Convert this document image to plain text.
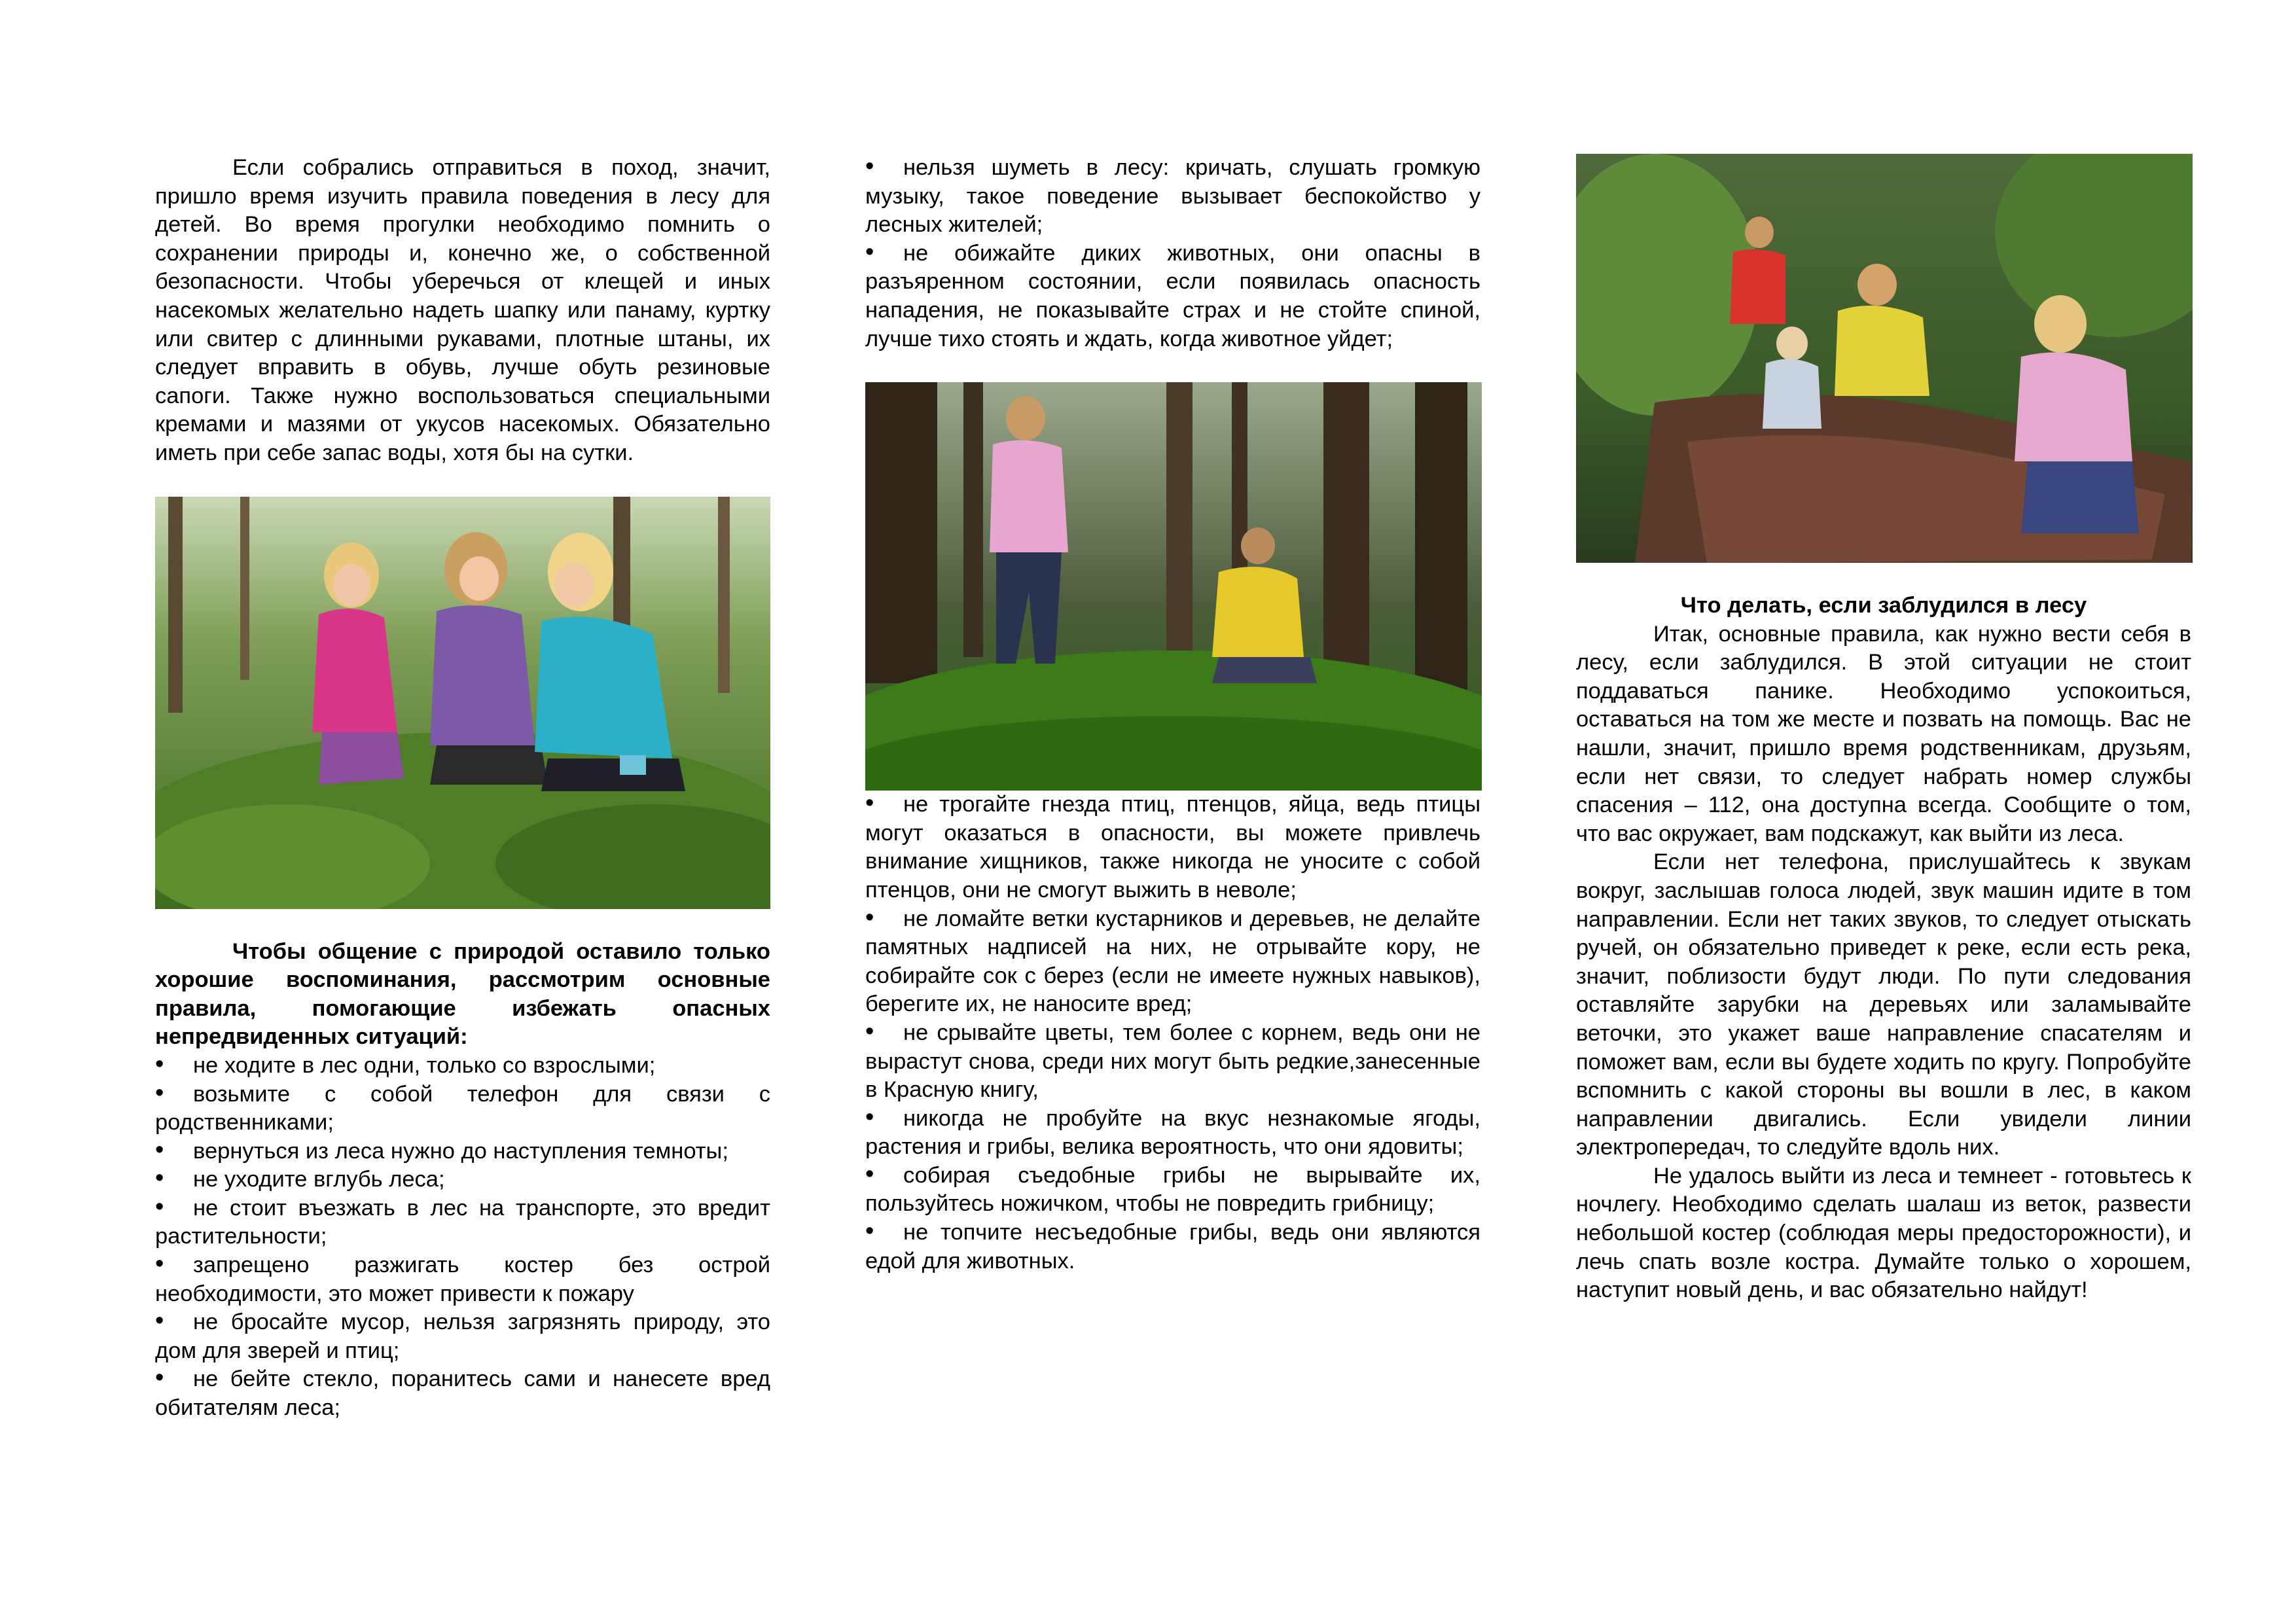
Если собрались отправиться в поход, значит, пришло время изучить правила поведения в лесу для детей. Во время прогулки необходимо помнить о сохранении природы и, конечно же, о собственной безопасности. Чтобы уберечься от клещей и иных насекомых желательно надеть шапку или панаму, куртку или свитер с длинными рукавами, плотные штаны, их следует вправить в обувь, лучше обуть резиновые сапоги. Также нужно воспользоваться специальными кремами и мазями от укусов насекомых. Обязательно иметь при себе запас воды, хотя бы на сутки.

Чтобы общение с природой оставило только хорошие воспоминания, рассмотрим основные правила, помогающие избежать опасных непредвиденных ситуаций:

• не ходите в лес одни, только со взрослыми;
• возьмите с собой телефон для связи с родственниками;
• вернуться из леса нужно до наступления темноты;
• не уходите вглубь леса;
• не стоит въезжать в лес на транспорте, это вредит растительности;
• запрещено разжигать костер без острой необходимости, это может привести к пожару
• не бросайте мусор, нельзя загрязнять природу, это дом для зверей и птиц;
• не бейте стекло, поранитесь сами и нанесете вред обитателям леса;
• нельзя шуметь в лесу: кричать, слушать громкую музыку, такое поведение вызывает беспокойство у лесных жителей;
• не обижайте диких животных, они опасны в разъяренном состоянии, если появилась опасность нападения, не показывайте страх и не стойте спиной, лучше тихо стоять и ждать, когда животное уйдет;
• не трогайте гнезда птиц, птенцов, яйца, ведь птицы могут оказаться в опасности, вы можете привлечь внимание хищников, также никогда не уносите с собой птенцов, они не смогут выжить в неволе;
• не ломайте ветки кустарников и деревьев, не делайте памятных надписей на них, не отрывайте кору, не собирайте сок с берез (если не имеете нужных навыков), берегите их, не наносите вред;
• не срывайте цветы, тем более с корнем, ведь они не вырастут снова, среди них могут быть редкие,занесенные в Красную книгу,
• никогда не пробуйте на вкус незнакомые ягоды, растения и грибы, велика вероятность, что они ядовиты;
• собирая съедобные грибы не вырывайте их, пользуйтесь ножичком, чтобы не повредить грибницу;
• не топчите несъедобные грибы, ведь они являются едой для животных.

Что делать, если заблудился в лесу

Итак, основные правила, как нужно вести себя в лесу, если заблудился. В этой ситуации не стоит поддаваться панике. Необходимо успокоиться, оставаться на том же месте и позвать на помощь. Вас не нашли, значит, пришло время родственникам, друзьям, если нет связи, то следует набрать номер службы спасения – 112, она доступна всегда. Сообщите о том, что вас окружает, вам подскажут, как выйти из леса.

Если нет телефона, прислушайтесь к звукам вокруг, заслышав голоса людей, звук машин идите в том направлении. Если нет таких звуков, то следует отыскать ручей, он обязательно приведет к реке, если есть река, значит, поблизости будут люди. По пути следования оставляйте зарубки на деревьях или заламывайте веточки, это укажет ваше направление спасателям и поможет вам, если вы будете ходить по кругу. Попробуйте вспомнить с какой стороны вы вошли в лес, в каком направлении двигались. Если увидели линии электропередач, то следуйте вдоль них.

Не удалось выйти из леса и темнеет - готовьтесь к ночлегу. Необходимо сделать шалаш из веток, развести небольшой костер (соблюдая меры предосторожности), и лечь спать возле костра. Думайте только о хорошем, наступит новый день, и вас обязательно найдут!
